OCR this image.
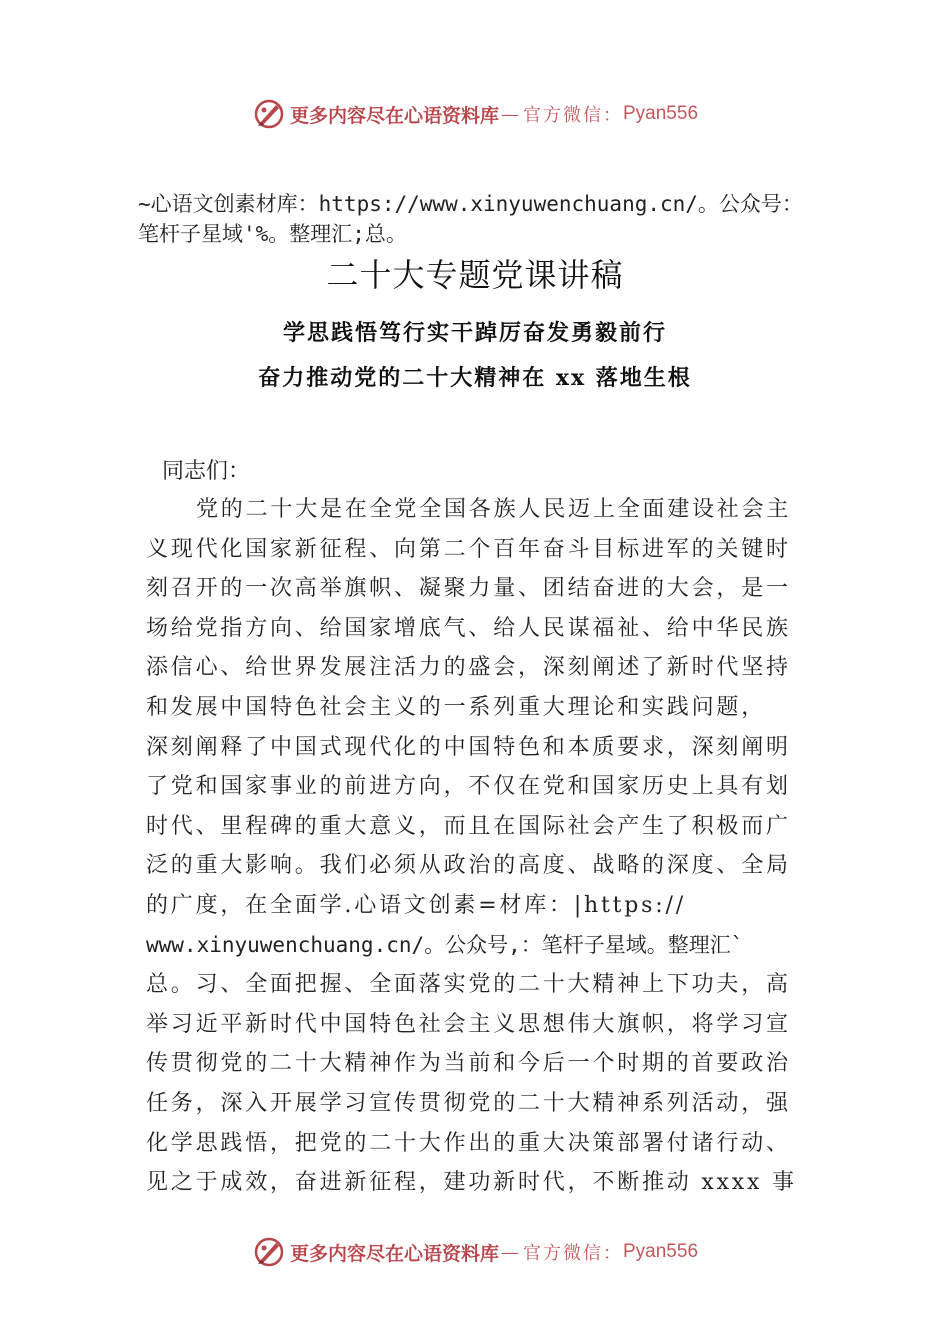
更多内容尽在心语资料库 — 官方微信： Pyan556
~心语文创素材库：https://www.xinyuwenchuang.cn/。公众号：
笔杆子星域'%。整理汇;总。
二十大专题党课讲稿
学思践悟笃行实干踔厉奋发勇毅前行
奋力推动党的二十大精神在 xx 落地生根
同志们：
党的二十大是在全党全国各族人民迈上全面建设社会主
义现代化国家新征程、向第二个百年奋斗目标进军的关键时
刻召开的一次高举旗帜、凝聚力量、团结奋进的大会，是一
场给党指方向、给国家增底气、给人民谋福祉、给中华民族
添信心、给世界发展注活力的盛会，深刻阐述了新时代坚持
和发展中国特色社会主义的一系列重大理论和实践问题，
深刻阐释了中国式现代化的中国特色和本质要求，深刻阐明
了党和国家事业的前进方向，不仅在党和国家历史上具有划
时代、里程碑的重大意义，而且在国际社会产生了积极而广
泛的重大影响。我们必须从政治的高度、战略的深度、全局
的广度，在全面学.心语文创素=材库：|https://
www.xinyuwenchuang.cn/。公众号,：笔杆子星域。整理汇`
总。习、全面把握、全面落实党的二十大精神上下功夫，高
举习近平新时代中国特色社会主义思想伟大旗帜，将学习宣
传贯彻党的二十大精神作为当前和今后一个时期的首要政治
任务，深入开展学习宣传贯彻党的二十大精神系列活动，强
化学思践悟，把党的二十大作出的重大决策部署付诸行动、
见之于成效，奋进新征程，建功新时代，不断推动 xxxx 事
更多内容尽在心语资料库 — 官方微信： Pyan556
